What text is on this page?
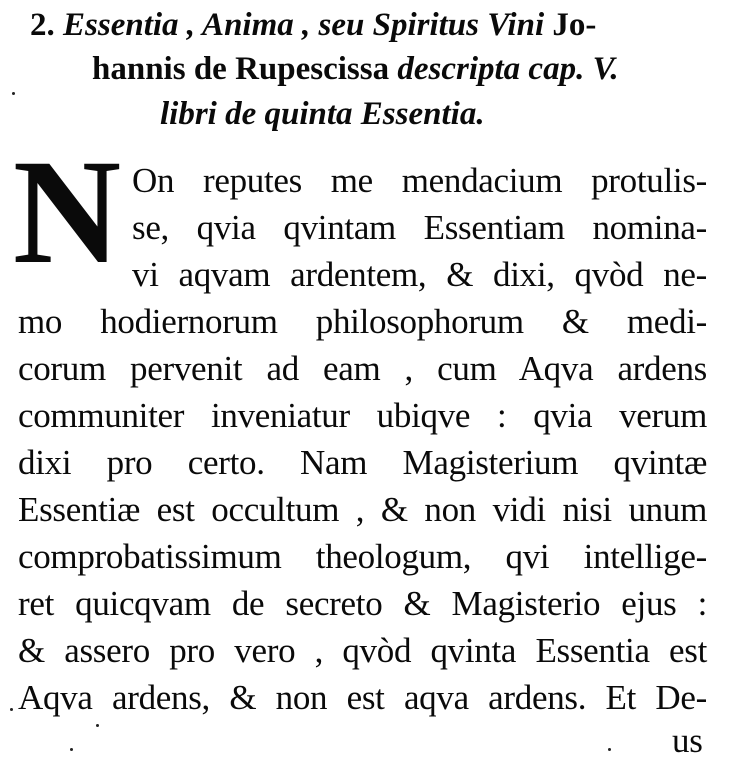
2. Essentia , Anima , seu Spiritus Vini Jo-
hannis de Rupescissa descripta cap. V.
libri de quinta Essentia.
N On reputes me mendacium protulis-
se, qvia qvintam Essentiam nomina-
vi aqvam ardentem, & dixi, qvòd ne-
mo hodiernorum philosophorum & medi-
corum pervenit ad eam , cum Aqva ardens
communiter inveniatur ubiqve : qvia verum
dixi pro certo. Nam Magisterium qvintæ
Essentiæ est occultum , & non vidi nisi unum
comprobatissimum theologum, qvi intellige-
ret quicqvam de secreto & Magisterio ejus :
& assero pro vero , qvòd qvinta Essentia est
Aqva ardens, & non est aqva ardens. Et De-
us
